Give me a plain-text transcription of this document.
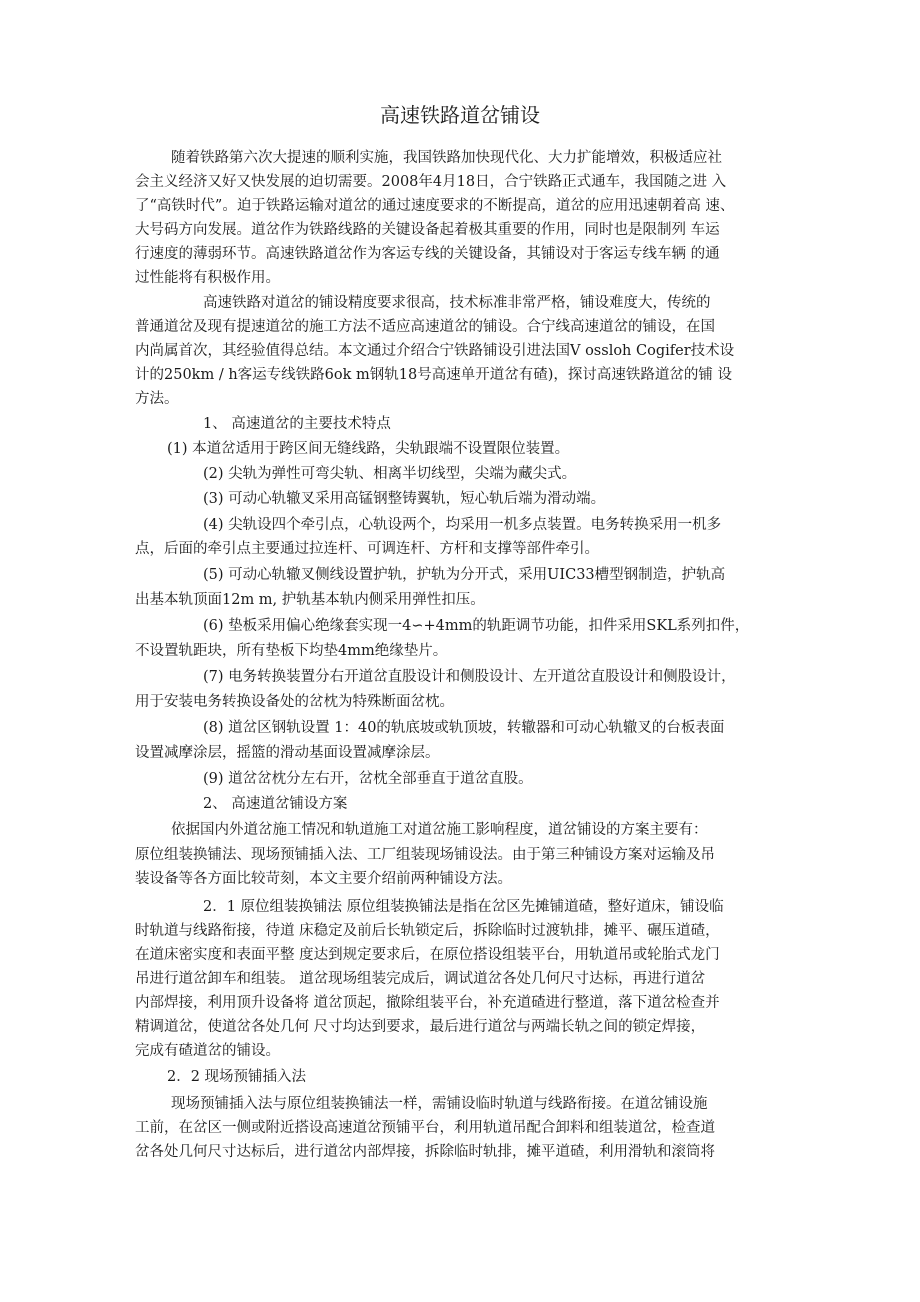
高速铁路道岔铺设
随着铁路第六次大提速的顺利实施，我国铁路加快现代化、大力扩能增效，积极适应社
会主义经济又好又快发展的迫切需要。2008年4月18日，合宁铁路正式通车，我国随之进 入
了“高铁时代”。迫于铁路运输对道岔的通过速度要求的不断提高，道岔的应用迅速朝着高 速、
大号码方向发展。道岔作为铁路线路的关键设备起着极其重要的作用，同时也是限制列 车运
行速度的薄弱环节。高速铁路道岔作为客运专线的关键设备，其铺设对于客运专线车辆 的通
过性能将有积极作用。
高速铁路对道岔的铺设精度要求很高，技术标准非常严格，铺设难度大，传统的
普通道岔及现有提速道岔的施工方法不适应高速道岔的铺设。合宁线高速道岔的铺设，在国
内尚属首次，其经验值得总结。本文通过介绍合宁铁路铺设引进法国V ossloh Cogifer技术设
计的250km / h客运专线铁路6ok m钢轨18号高速单开道岔有碴)，探讨高速铁路道岔的铺 设
方法。
1、 高速道岔的主要技术特点
(1) 本道岔适用于跨区间无缝线路，尖轨跟端不设置限位装置。
(2) 尖轨为弹性可弯尖轨、相离半切线型，尖端为藏尖式。
(3) 可动心轨辙叉采用高锰钢整铸翼轨，短心轨后端为滑动端。
(4) 尖轨设四个牵引点，心轨设两个，均采用一机多点装置。电务转换采用一机多
点，后面的牵引点主要通过拉连杆、可调连杆、方杆和支撑等部件牵引。
(5) 可动心轨辙叉侧线设置护轨，护轨为分开式，采用UIC33槽型钢制造，护轨高
出基本轨顶面12m m, 护轨基本轨内侧采用弹性扣压。
(6) 垫板采用偏心绝缘套实现一4∽+4mm的轨距调节功能，扣件采用SKL系列扣件，
不设置轨距块，所有垫板下均垫4mm绝缘垫片。
(7) 电务转换装置分右开道岔直股设计和侧股设计、左开道岔直股设计和侧股设计，
用于安装电务转换设备处的岔枕为特殊断面岔枕。
(8) 道岔区钢轨设置 1：40的轨底坡或轨顶坡，转辙器和可动心轨辙叉的台板表面
设置减摩涂层，摇篮的滑动基面设置减摩涂层。
(9) 道岔岔枕分左右开，岔枕全部垂直于道岔直股。
2、 高速道岔铺设方案
依据国内外道岔施工情况和轨道施工对道岔施工影响程度，道岔铺设的方案主要有：
原位组装换铺法、现场预铺插入法、工厂组装现场铺设法。由于第三种铺设方案对运输及吊
装设备等各方面比较苛刻，本文主要介绍前两种铺设方法。
2．1 原位组装换铺法 原位组装换铺法是指在岔区先摊铺道碴，整好道床，铺设临
时轨道与线路衔接，待道 床稳定及前后长轨锁定后，拆除临时过渡轨排，摊平、碾压道碴，
在道床密实度和表面平整 度达到规定要求后，在原位搭设组装平台，用轨道吊或轮胎式龙门
吊进行道岔卸车和组装。 道岔现场组装完成后，调试道岔各处几何尺寸达标，再进行道岔
内部焊接，利用顶升设备将 道岔顶起，撤除组装平台，补充道碴进行整道，落下道岔检查并
精调道岔，使道岔各处几何 尺寸均达到要求，最后进行道岔与两端长轨之间的锁定焊接，
完成有碴道岔的铺设。
2．2 现场预铺插入法
现场预铺插入法与原位组装换铺法一样，需铺设临时轨道与线路衔接。在道岔铺设施
工前，在岔区一侧或附近搭设高速道岔预铺平台，利用轨道吊配合卸料和组装道岔，检查道
岔各处几何尺寸达标后，进行道岔内部焊接，拆除临时轨排，摊平道碴，利用滑轨和滚筒将
